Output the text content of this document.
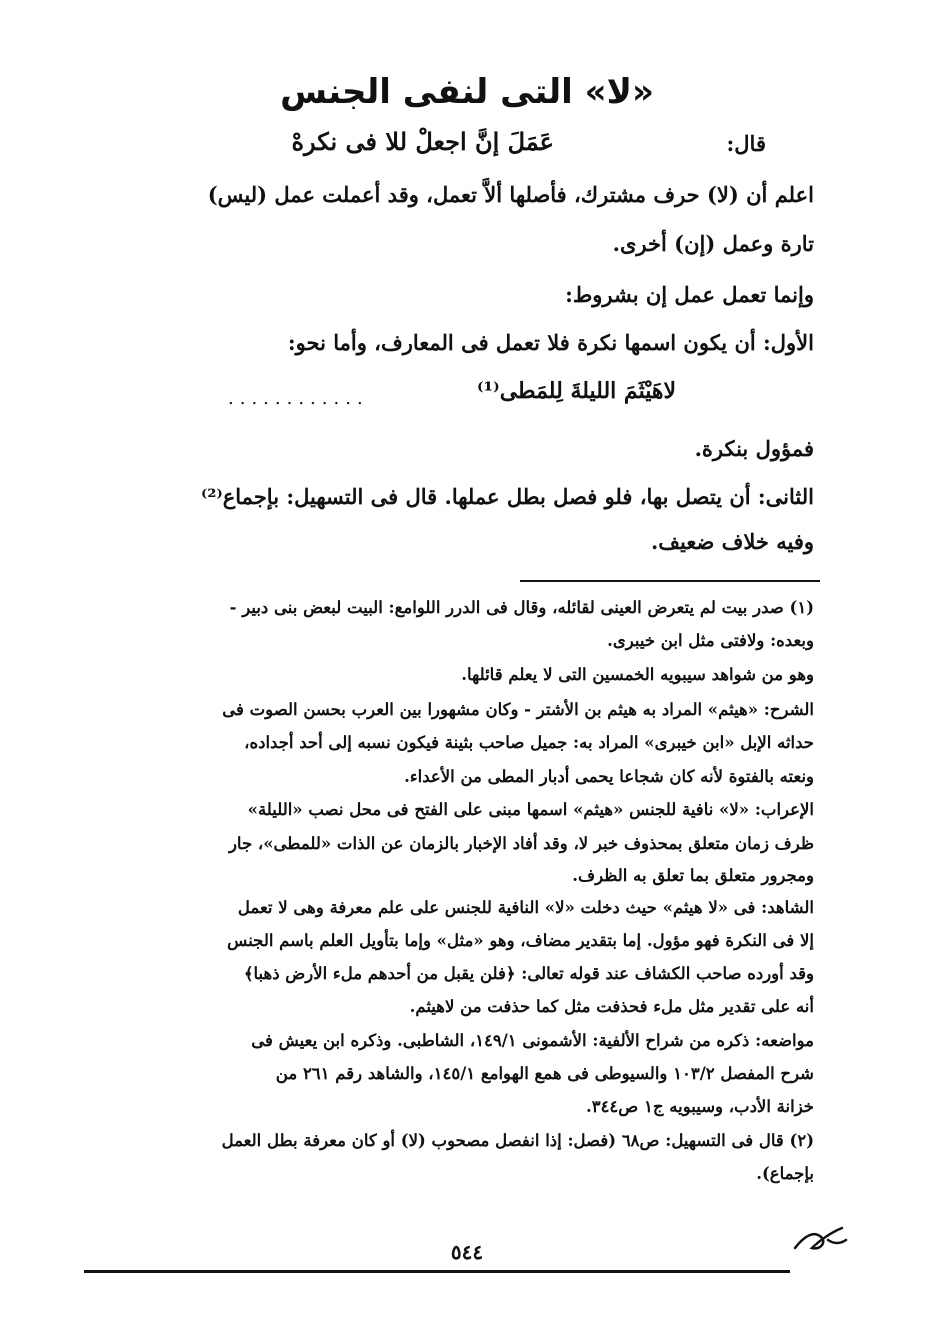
«لا» التى لنفى الجنس
قال:
عَمَلَ إنَّ اجعلْ للا فى نكرهْ
اعلم أن (لا) حرف مشترك، فأصلها ألاَّ تعمل، وقد أعملت عمل (ليس)
تارة وعمل (إن) أخرى.
وإنما تعمل عمل إن بشروط:
الأول: أن يكون اسمها نكرة فلا تعمل فى المعارف، وأما نحو:
لاهَيْثَمَ الليلةَ لِلمَطى⁽¹⁾
............
فمؤول بنكرة.
الثانى: أن يتصل بها، فلو فصل بطل عملها. قال فى التسهيل: بإجماع⁽²⁾
وفيه خلاف ضعيف.
(١) صدر بيت لم يتعرض العينى لقائله، وقال فى الدرر اللوامع: البيت لبعض بنى دبير -
وبعده: ولافتى مثل ابن خيبرى.
وهو من شواهد سيبويه الخمسين التى لا يعلم قائلها.
الشرح: «هيثم» المراد به هيثم بن الأشتر - وكان مشهورا بين العرب بحسن الصوت فى
حداثه الإبل «ابن خيبرى» المراد به: جميل صاحب بثينة فيكون نسبه إلى أحد أجداده،
ونعته بالفتوة لأنه كان شجاعا يحمى أدبار المطى من الأعداء.
الإعراب: «لا» نافية للجنس «هيثم» اسمها مبنى على الفتح فى محل نصب «الليلة»
ظرف زمان متعلق بمحذوف خبر لا، وقد أفاد الإخبار بالزمان عن الذات «للمطى»، جار
ومجرور متعلق بما تعلق به الظرف.
الشاهد: فى «لا هيثم» حيث دخلت «لا» النافية للجنس على علم معرفة وهى لا تعمل
إلا فى النكرة فهو مؤول. إما بتقدير مضاف، وهو «مثل» وإما بتأويل العلم باسم الجنس
وقد أورده صاحب الكشاف عند قوله تعالى: ﴿فلن يقبل من أحدهم ملء الأرض ذهبا﴾
أنه على تقدير مثل ملء فحذفت مثل كما حذفت من لاهيثم.
مواضعه: ذكره من شراح الألفية: الأشمونى ١٤٩/١، الشاطبى. وذكره ابن يعيش فى
شرح المفصل ١٠٣/٢ والسيوطى فى همع الهوامع ١٤٥/١، والشاهد رقم ٢٦١ من
خزانة الأدب، وسيبويه ج١ ص٣٤٤.
(٢) قال فى التسهيل: ص٦٨ (فصل: إذا انفصل مصحوب (لا) أو كان معرفة بطل العمل
بإجماع).
٥٤٤
